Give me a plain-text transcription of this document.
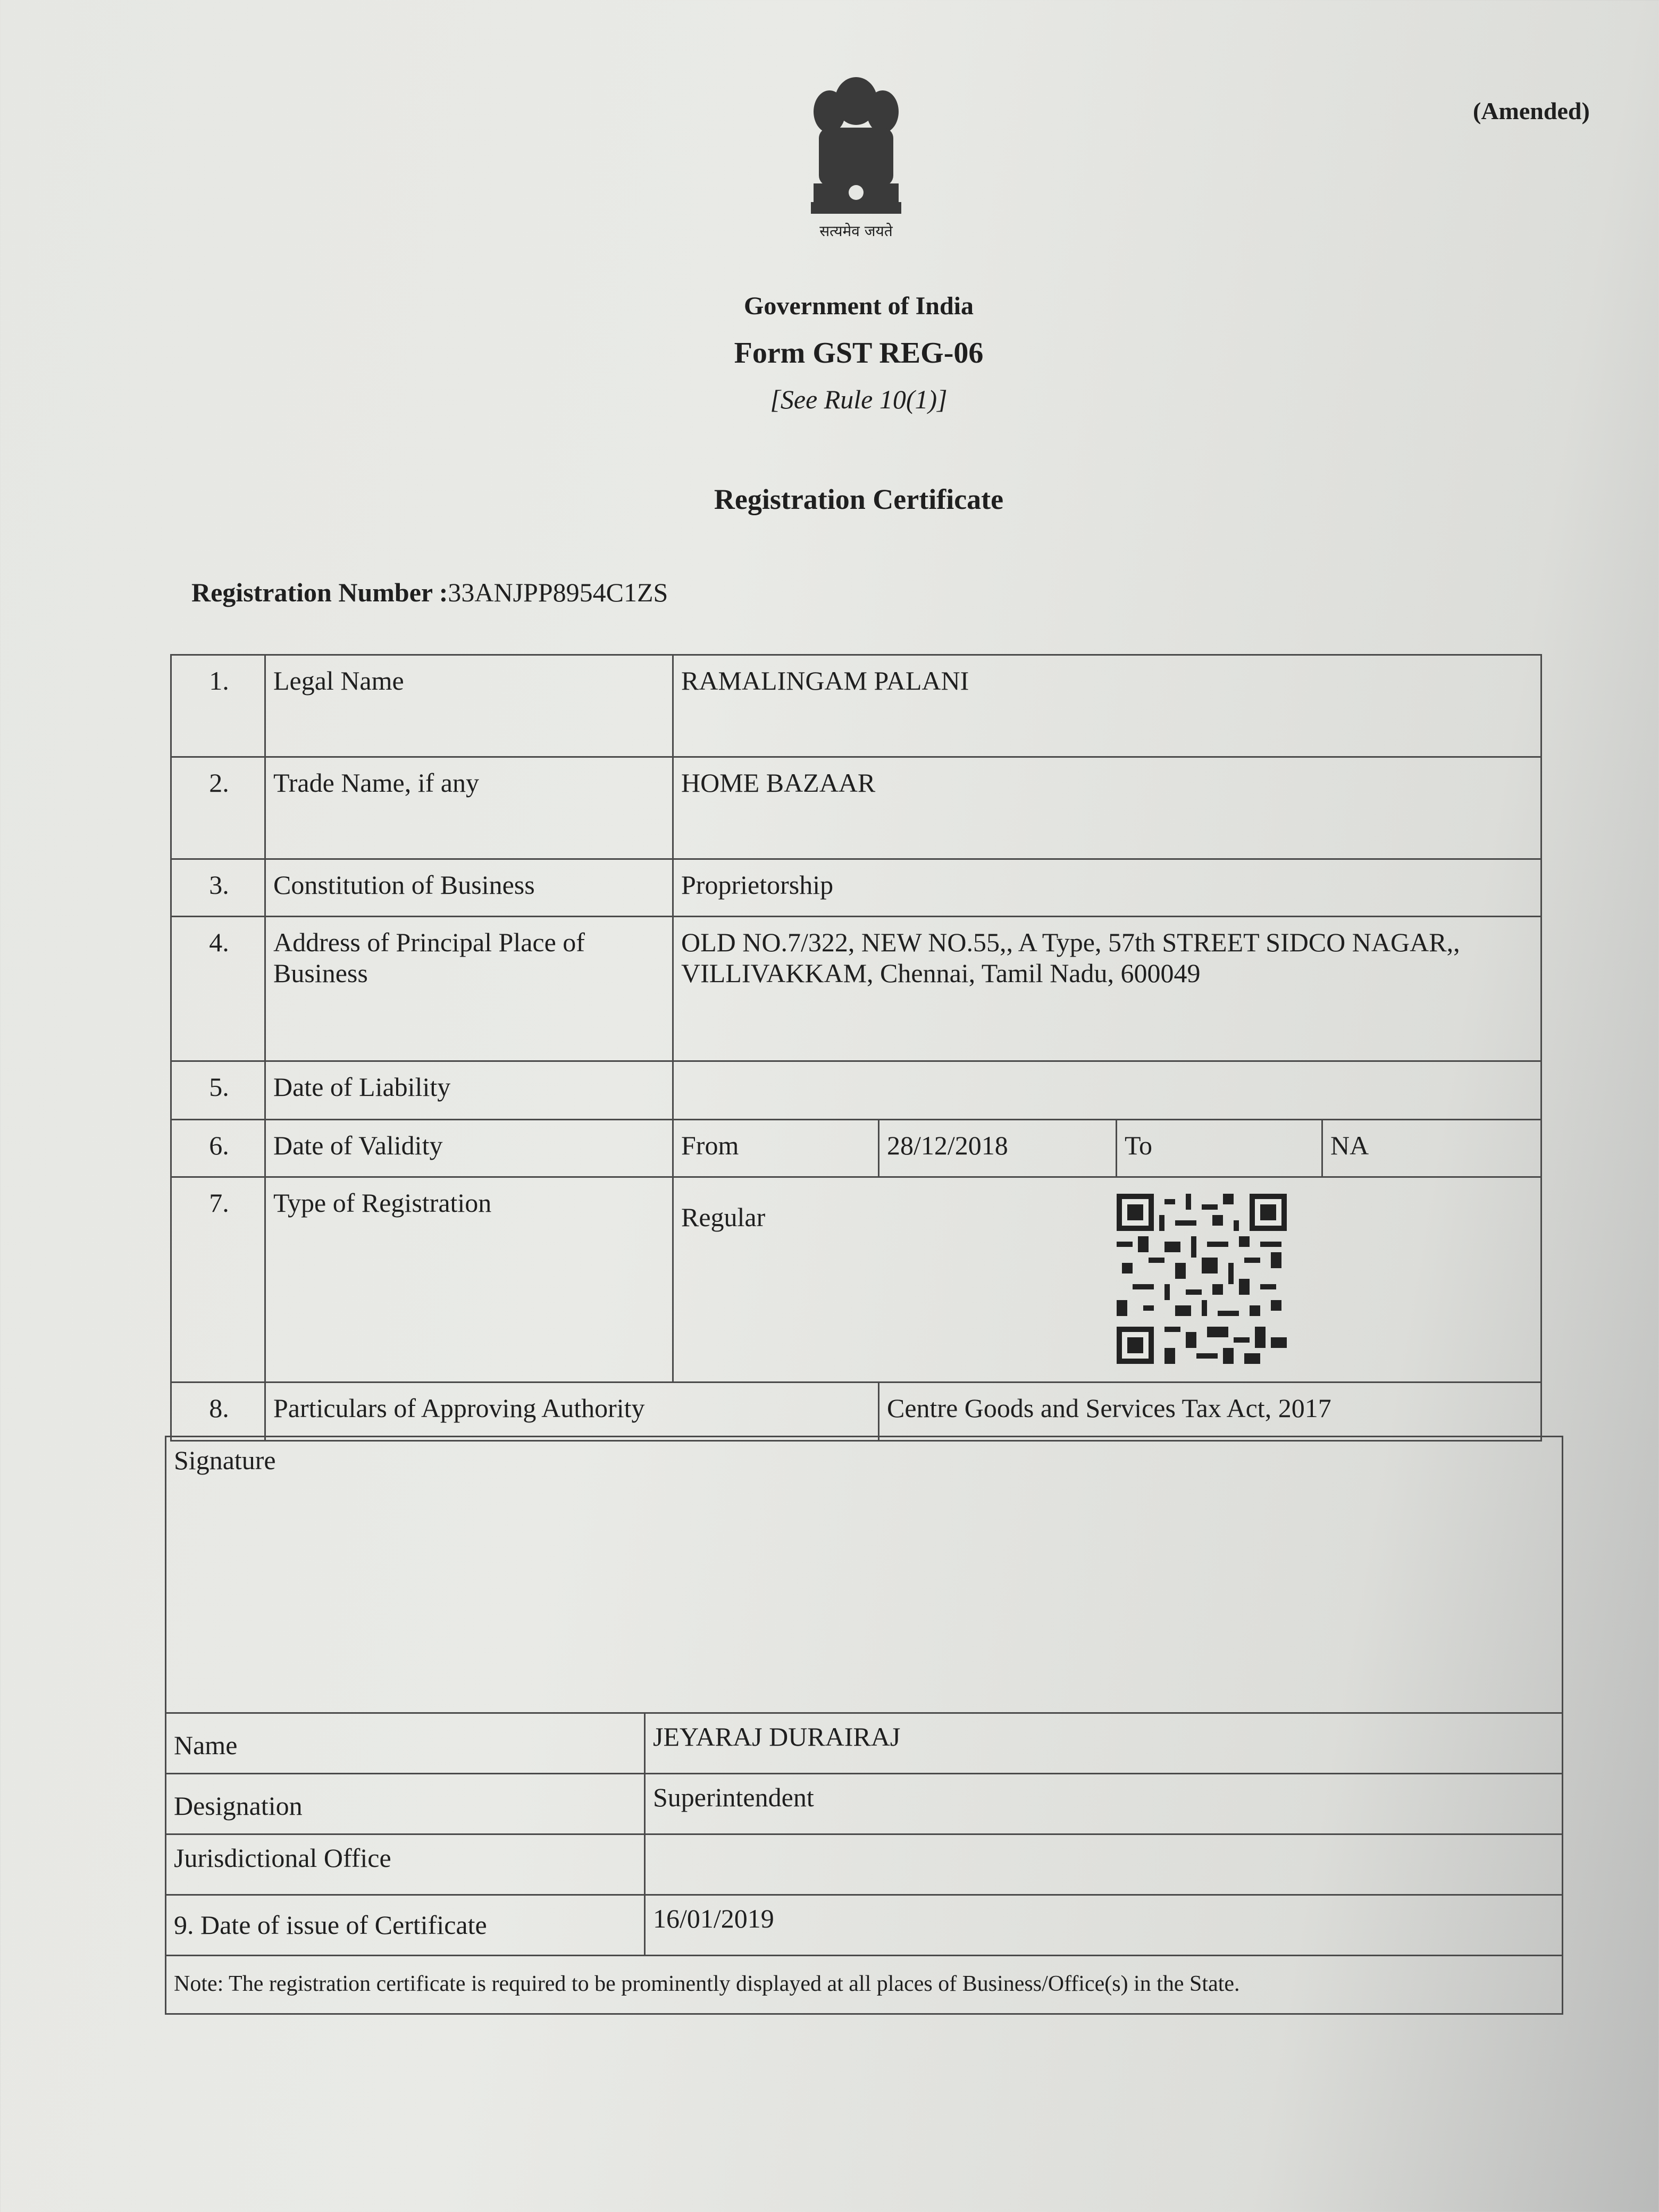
(Amended)
सत्यमेव जयते
Government of India
Form GST REG-06
[See Rule 10(1)]
Registration Certificate
Registration Number :33ANJPP8954C1ZS
1.	Legal Name	RAMALINGAM PALANI			
2.	Trade Name, if any	HOME BAZAAR			
3.	Constitution of Business	Proprietorship			
4.	Address of Principal Place of Business	OLD NO.7/322, NEW NO.55,, A Type, 57th STREET SIDCO NAGAR,, VILLIVAKKAM, Chennai, Tamil Nadu, 600049			
5.	Date of Liability				
6.	Date of Validity	From	28/12/2018	To	NA
7.	Type of Registration	Regular			
8.	Particulars of Approving Authority		Centre Goods and Services Tax Act, 2017		
Signature	
Name	JEYARAJ DURAIRAJ
Designation	Superintendent
Jurisdictional Office	
9. Date of issue of Certificate	16/01/2019
Note: The registration certificate is required to be prominently displayed at all places of Business/Office(s) in the State.	
